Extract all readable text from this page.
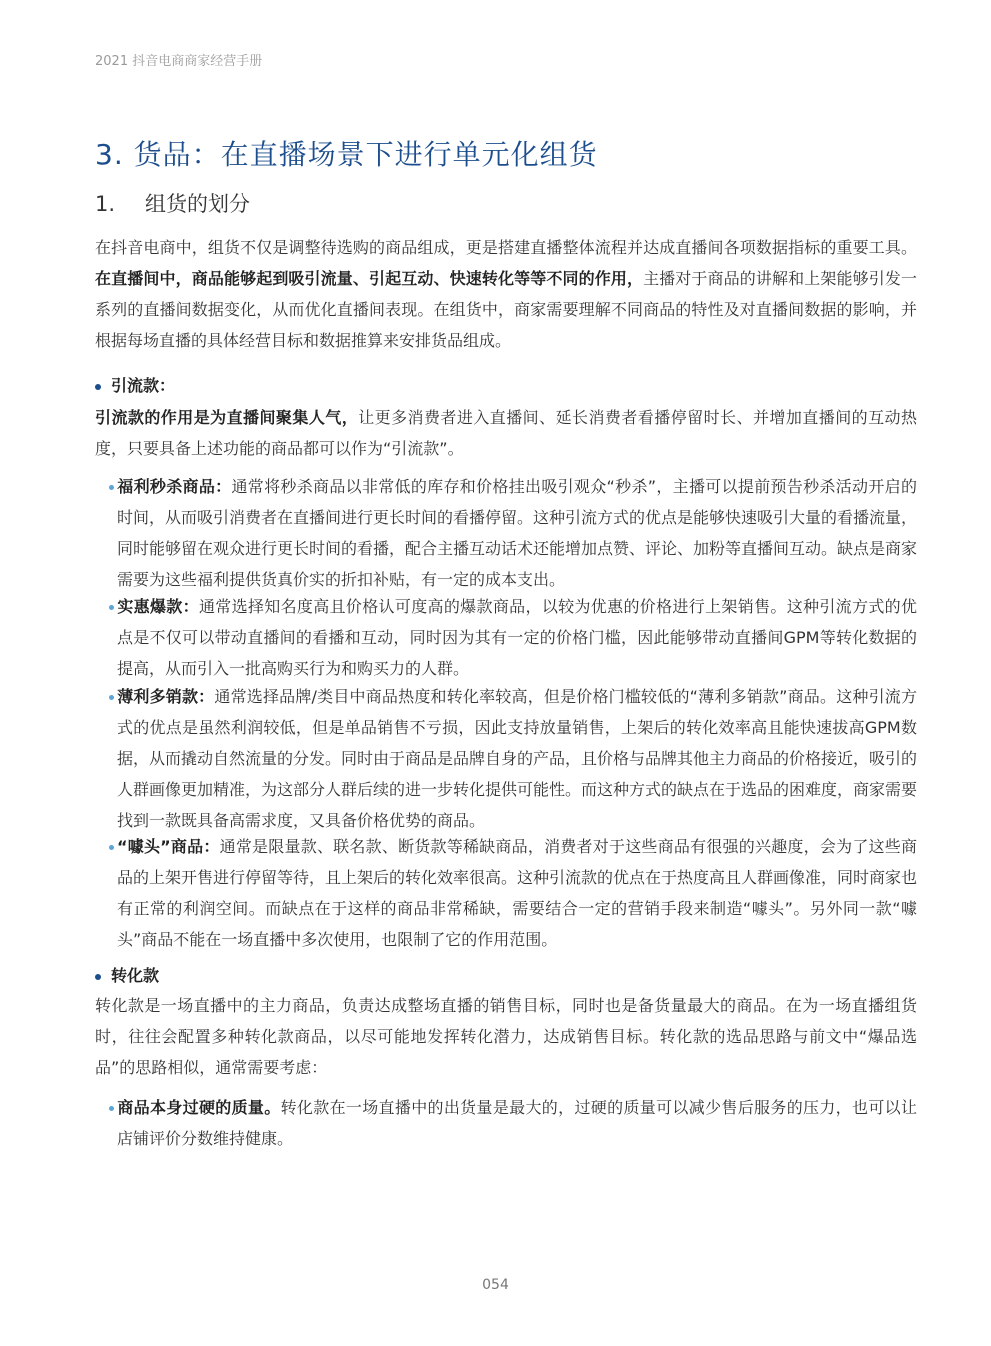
2021 抖音电商商家经营手册
3. 货品：在直播场景下进行单元化组货
1. 组货的划分
在抖音电商中，组货不仅是调整待选购的商品组成，更是搭建直播整体流程并达成直播间各项数据指标的重要工具。在直播间中，商品能够起到吸引流量、引起互动、快速转化等等不同的作用，主播对于商品的讲解和上架能够引发一系列的直播间数据变化，从而优化直播间表现。在组货中，商家需要理解不同商品的特性及对直播间数据的影响，并根据每场直播的具体经营目标和数据推算来安排货品组成。
引流款：
引流款的作用是为直播间聚集人气，让更多消费者进入直播间、延长消费者看播停留时长、并增加直播间的互动热度，只要具备上述功能的商品都可以作为“引流款”。
福利秒杀商品：通常将秒杀商品以非常低的库存和价格挂出吸引观众“秒杀”，主播可以提前预告秒杀活动开启的时间，从而吸引消费者在直播间进行更长时间的看播停留。这种引流方式的优点是能够快速吸引大量的看播流量，同时能够留在观众进行更长时间的看播，配合主播互动话术还能增加点赞、评论、加粉等直播间互动。缺点是商家需要为这些福利提供货真价实的折扣补贴，有一定的成本支出。
实惠爆款：通常选择知名度高且价格认可度高的爆款商品，以较为优惠的价格进行上架销售。这种引流方式的优点是不仅可以带动直播间的看播和互动，同时因为其有一定的价格门槛，因此能够带动直播间GPM等转化数据的提高，从而引入一批高购买行为和购买力的人群。
薄利多销款：通常选择品牌/类目中商品热度和转化率较高，但是价格门槛较低的“薄利多销款”商品。这种引流方式的优点是虽然利润较低，但是单品销售不亏损，因此支持放量销售，上架后的转化效率高且能快速拔高GPM数据，从而撬动自然流量的分发。同时由于商品是品牌自身的产品，且价格与品牌其他主力商品的价格接近，吸引的人群画像更加精准，为这部分人群后续的进一步转化提供可能性。而这种方式的缺点在于选品的困难度，商家需要找到一款既具备高需求度，又具备价格优势的商品。
“噱头”商品：通常是限量款、联名款、断货款等稀缺商品，消费者对于这些商品有很强的兴趣度，会为了这些商品的上架开售进行停留等待，且上架后的转化效率很高。这种引流款的优点在于热度高且人群画像准，同时商家也有正常的利润空间。而缺点在于这样的商品非常稀缺，需要结合一定的营销手段来制造“噱头”。另外同一款“噱头”商品不能在一场直播中多次使用，也限制了它的作用范围。
转化款
转化款是一场直播中的主力商品，负责达成整场直播的销售目标，同时也是备货量最大的商品。在为一场直播组货时，往往会配置多种转化款商品，以尽可能地发挥转化潜力，达成销售目标。转化款的选品思路与前文中“爆品选品”的思路相似，通常需要考虑：
商品本身过硬的质量。转化款在一场直播中的出货量是最大的，过硬的质量可以减少售后服务的压力，也可以让店铺评价分数维持健康。
054
